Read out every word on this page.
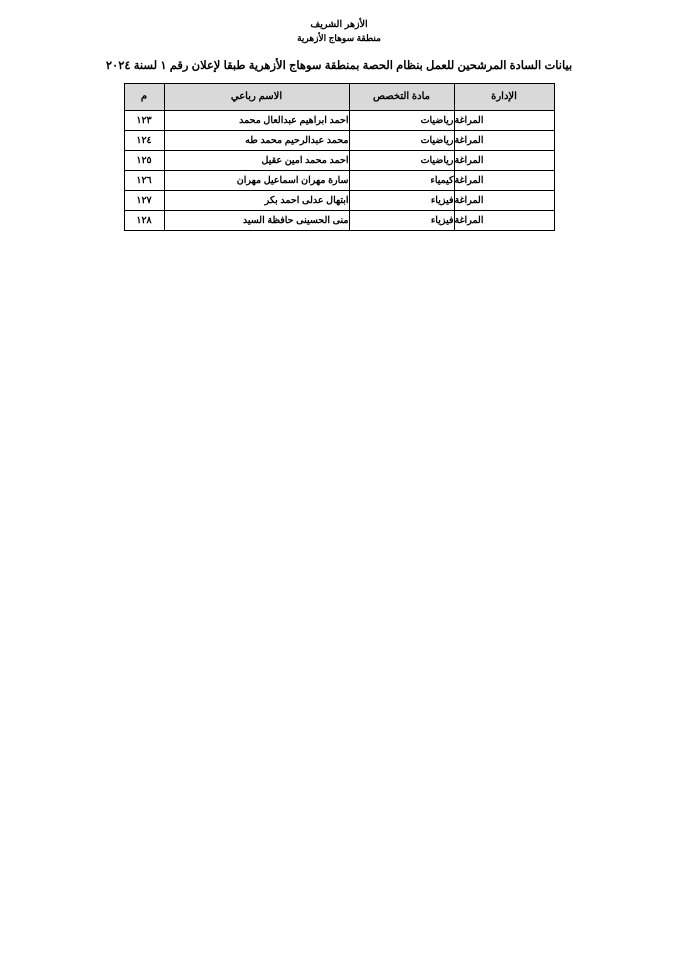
الأزهر الشريف
منطقة سوهاج الأزهرية
بيانات السادة المرشحين للعمل بنظام الحصة بمنطقة سوهاج الأزهرية طبقا لإعلان رقم ١ لسنة ٢٠٢٤
الإدارة	مادة التخصص	الاسم رباعي	م
المراغة	رياضيات	احمد ابراهيم عبدالعال محمد	١٢٣
المراغة	رياضيات	محمد عبدالرحيم محمد طه	١٢٤
المراغة	رياضيات	احمد محمد امين عقيل	١٢٥
المراغة	كيمياء	سارة مهران اسماعيل مهران	١٢٦
المراغة	فيزياء	ابتهال عدلى احمد بكر	١٢٧
المراغة	فيزياء	منى الحسينى حافظة السيد	١٢٨
